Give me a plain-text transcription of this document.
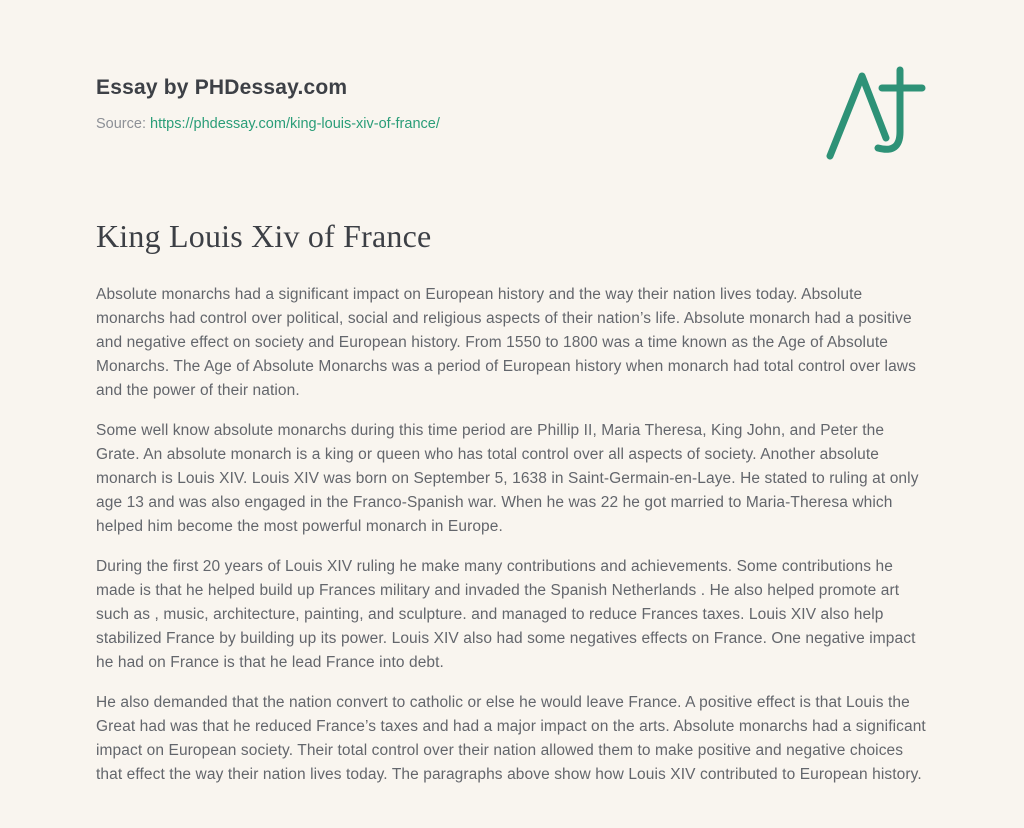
Essay by PHDessay.com
Source: https://phdessay.com/king-louis-xiv-of-france/
King Louis Xiv of France

Absolute monarchs had a significant impact on European history and the way their nation lives today. Absolute monarchs had control over political, social and religious aspects of their nation’s life. Absolute monarch had a positive and negative effect on society and European history. From 1550 to 1800 was a time known as the Age of Absolute Monarchs. The Age of Absolute Monarchs was a period of European history when monarch had total control over laws and the power of their nation.

Some well know absolute monarchs during this time period are Phillip II, Maria Theresa, King John, and Peter the Grate. An absolute monarch is a king or queen who has total control over all aspects of society. Another absolute monarch is Louis XIV. Louis XIV was born on September 5, 1638 in Saint-Germain-en-Laye. He stated to ruling at only age 13 and was also engaged in the Franco-Spanish war. When he was 22 he got married to Maria-Theresa which helped him become the most powerful monarch in Europe.

During the first 20 years of Louis XIV ruling he make many contributions and achievements. Some contributions he made is that he helped build up Frances military and invaded the Spanish Netherlands . He also helped promote art such as , music, architecture, painting, and sculpture. and managed to reduce Frances taxes. Louis XIV also help stabilized France by building up its power. Louis XIV also had some negatives effects on France. One negative impact he had on France is that he lead France into debt.

He also demanded that the nation convert to catholic or else he would leave France. A positive effect is that Louis the Great had was that he reduced France’s taxes and had a major impact on the arts. Absolute monarchs had a significant impact on European society. Their total control over their nation allowed them to make positive and negative choices that effect the way their nation lives today. The paragraphs above show how Louis XIV contributed to European history.
